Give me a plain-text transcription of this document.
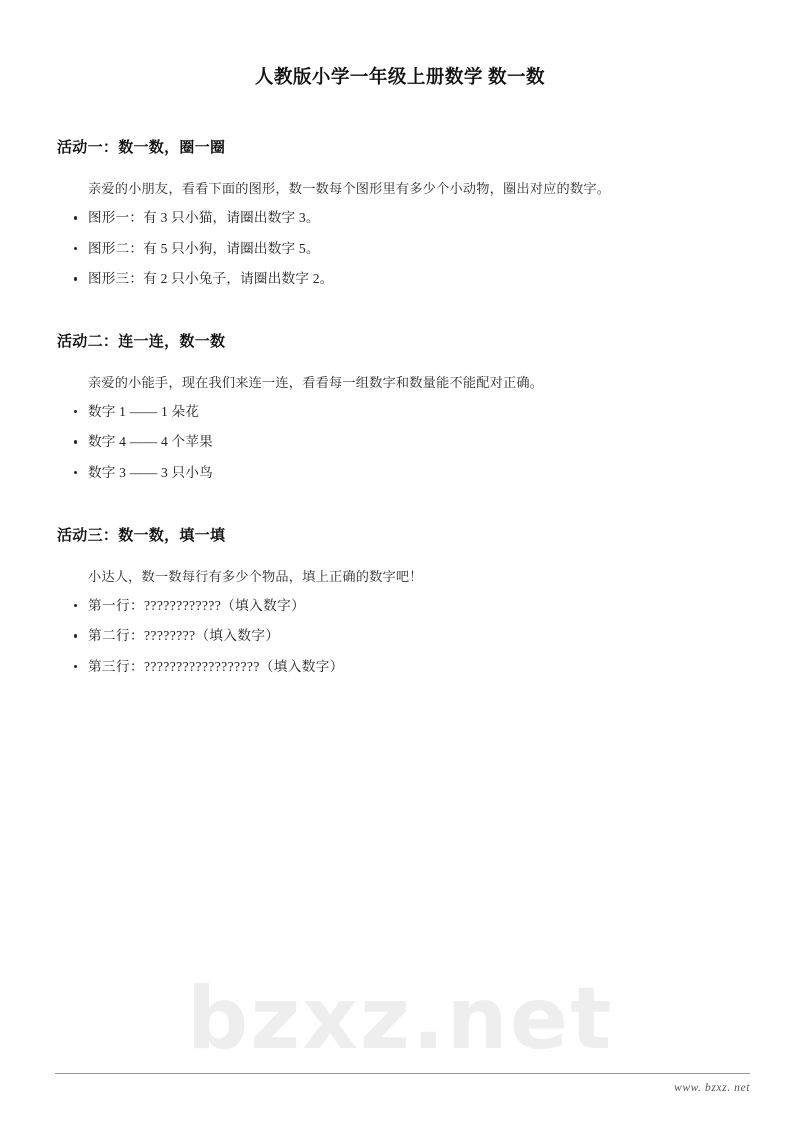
bzxz.net
人教版小学一年级上册数学 数一数
活动一：数一数，圈一圈

亲爱的小朋友，看看下面的图形，数一数每个图形里有多少个小动物，圈出对应的数字。

图形一：有 3 只小猫，请圈出数字 3。
图形二：有 5 只小狗，请圈出数字 5。
图形三：有 2 只小兔子，请圈出数字 2。
活动二：连一连，数一数

亲爱的小能手，现在我们来连一连，看看每一组数字和数量能不能配对正确。

数字 1 —— 1 朵花
数字 4 —— 4 个苹果
数字 3 —— 3 只小鸟
活动三：数一数，填一填

小达人，数一数每行有多少个物品，填上正确的数字吧！

第一行：????????????（填入数字）
第二行：????????（填入数字）
第三行：??????????????????（填入数字）

www. bzxz. net
